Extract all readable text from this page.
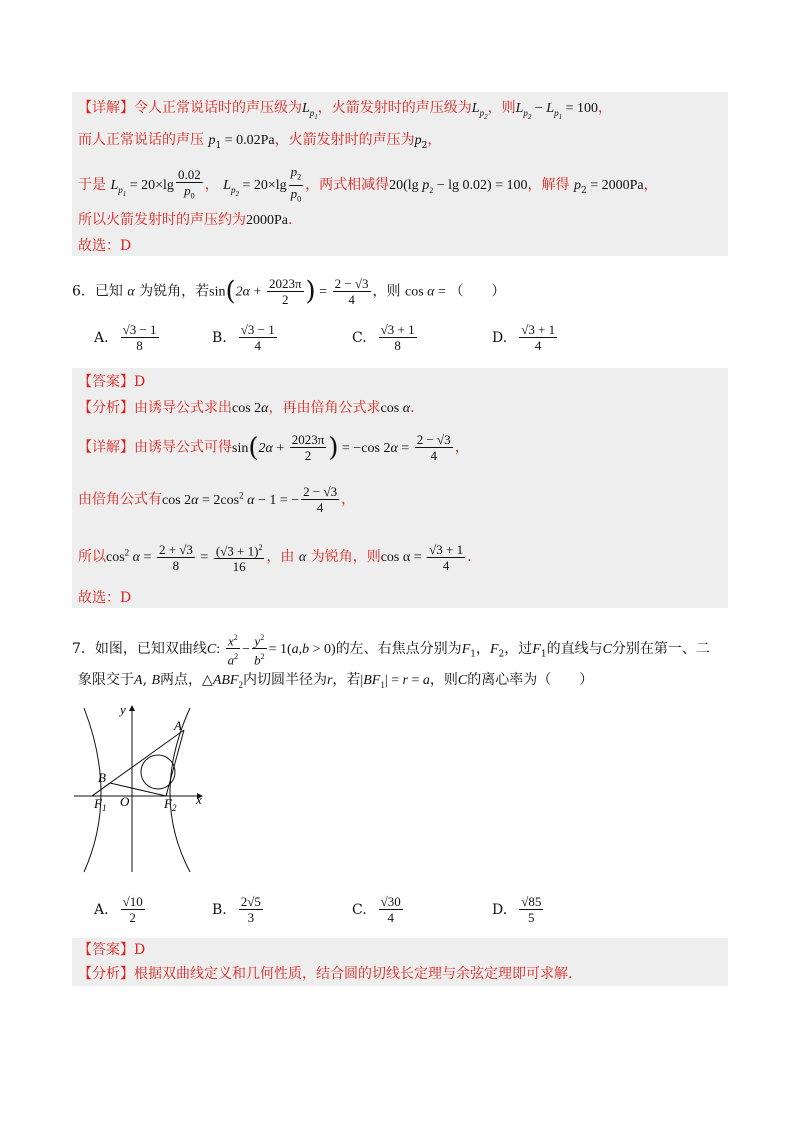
【详解】令人正常说话时的声压级为$L_{p_1}$，火箭发射时的声压级为$L_{p_2}$，则$L_{p_2} - L_{p_1} = 100$，
而人正常说话的声压 $p_1 = 0.02Pa$，火箭发射时的声压为$p_2$，
于是 $L_{p_1} = 20\times\lg \frac{0.02}{p_0}$ ， $L_{p_2} = 20\times\lg \frac{p_2}{p_0}$ ，两式相减得20(lg $p_2 - \lg 0.02) = 100$，解得 $p_2 = 2000Pa$，
所以火箭发射时的声压约为2000Pa.
故选：D
6．已知 α 为锐角，若$\sin(2\alpha + \frac{2023\pi}{2}$ ) = $\frac{2 - √3}{4}$ ，则 cos α = （　　）
A. $\frac{√3 - 1}{8}$	B. $\frac{√3 - 1}{4}$	C. $\frac{√3 + 1}{8}$	D. $\frac{√3 + 1}{4}$
【答案】D
【分析】由诱导公式求出cos 2α，再由倍角公式求cos α.
【详解】由诱导公式可得$\sin(2\alpha + \frac{2023\pi}{2}$ ) = −cos $2\alpha = \frac{2 - √3}{4}$ ，
由倍角公式有$\cos 2\alpha = 2\cos^2$ α − 1 = − $\frac{2 - √3}{4}$ ，
所以$\cos^2 \alpha = \frac{2 + √3}{8} = \frac{(√3 + 1)^2}{16}$ ，由 α 为锐角，则$\cos \alpha = \frac{√3 + 1}{4}$ .
故选：D
7．如图，已知双曲线C: $\frac{x^2}{a^2} - \frac{y^2}{b^2} = 1(a,b > 0)$的左、右焦点分别为$F_1$，$F_2$，过$F_1$的直线与C分别在第一、二
象限交于A, B两点，$\triangle ABF_2$内切圆半径为r，若$|BF_1| = r = a$，则C的离心率为（　　）
y
x
A
B
O
$F_1$	$F_2$
A. $\frac{√10}{2}$	B. $\frac{2√5}{3}$	C. $\frac{√30}{4}$	D. $\frac{√85}{5}$
【答案】D
【分析】根据双曲线定义和几何性质，结合圆的切线长定理与余弦定理即可求解.
